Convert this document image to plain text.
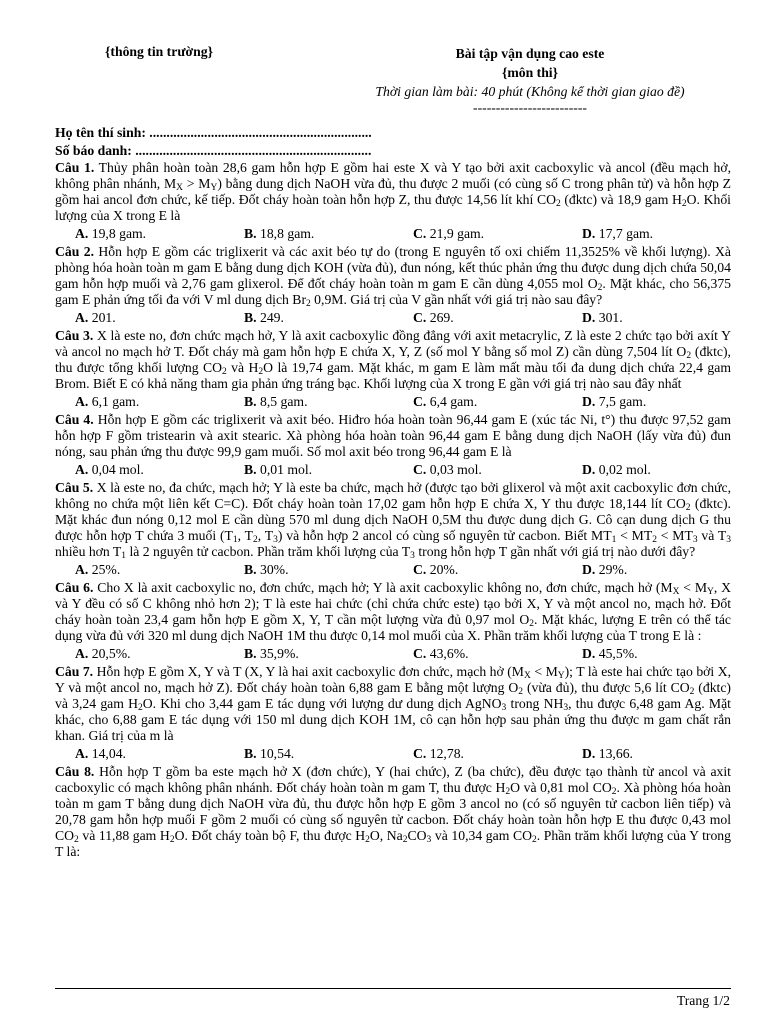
{thông tin trường}	Bài tập vận dụng cao este
{môn thi}
Thời gian làm bài: 40 phút (Không kể thời gian giao đề)
-------------------------
Họ tên thí sinh: .................................................................
Số báo danh: .....................................................................

Câu 1. Thủy phân hoàn toàn 28,6 gam hỗn hợp E gồm hai este X và Y tạo bởi axit cacboxylic và ancol (đều mạch hở, không phân nhánh, $M_X > M_Y$) bằng dung dịch NaOH vừa đủ, thu được 2 muối (có cùng số C trong phân tử) và hỗn hợp Z gồm hai ancol đơn chức, kế tiếp. Đốt cháy hoàn toàn hỗn hợp Z, thu được 14,56 lít khí $CO_2$ (đktc) và 18,9 gam $H_2O$. Khối lượng của X trong E là

A. 19,8 gam.	B. 18,8 gam.	C. 21,9 gam.	D. 17,7 gam.

Câu 2. Hỗn hợp E gồm các triglixerit và các axit béo tự do (trong E nguyên tố oxi chiếm 11,3525% về khối lượng). Xà phòng hóa hoàn toàn m gam E bằng dung dịch KOH (vừa đủ), đun nóng, kết thúc phản ứng thu được dung dịch chứa 50,04 gam hỗn hợp muối và 2,76 gam glixerol. Để đốt cháy hoàn toàn m gam E cần dùng 4,055 mol $O_2$. Mặt khác, cho 56,375 gam E phản ứng tối đa với V ml dung dịch $Br_2$ 0,9M. Giá trị của V gần nhất với giá trị nào sau đây?

A. 201.	B. 249.	C. 269.	D. 301.

Câu 3. X là este no, đơn chức mạch hở, Y là axit cacboxylic đồng đẳng với axit metacrylic, Z là este 2 chức tạo bởi axít Y và ancol no mạch hở T. Đốt cháy mà gam hỗn hợp E chứa X, Y, Z (số mol Y bằng số mol Z) cần dùng 7,504 lít $O_2$ (đktc), thu được tổng khối lượng $CO_2$ và $H_2O$ là 19,74 gam. Mặt khác, m gam E làm mất màu tối đa dung dịch chứa 22,4 gam Brom. Biết E có khả năng tham gia phản ứng tráng bạc. Khối lượng của X trong E gần với giá trị nào sau đây nhất

A. 6,1 gam.	B. 8,5 gam.	C. 6,4 gam.	D. 7,5 gam.

Câu 4. Hỗn hợp E gồm các triglixerit và axit béo. Hiđro hóa hoàn toàn 96,44 gam E (xúc tác Ni, t°) thu được 97,52 gam hỗn hợp F gồm tristearin và axit stearic. Xà phòng hóa hoàn toàn 96,44 gam E bằng dung dịch NaOH (lấy vừa đủ) đun nóng, sau phản ứng thu được 99,9 gam muối. Số mol axit béo trong 96,44 gam E là

A. 0,04 mol.	B. 0,01 mol.	C. 0,03 mol.	D. 0,02 mol.

Câu 5. X là este no, đa chức, mạch hở; Y là este ba chức, mạch hở (được tạo bởi glixerol và một axit cacboxylic đơn chức, không no chứa một liên kết C=C). Đốt cháy hoàn toàn 17,02 gam hỗn hợp E chứa X, Y thu được 18,144 lít $CO_2$ (đktc). Mặt khác đun nóng 0,12 mol E cần dùng 570 ml dung dịch NaOH 0,5M thu được dung dịch G. Cô cạn dung dịch G thu được hỗn hợp T chứa 3 muối ($T_1$, $T_2$, $T_3$) và hỗn hợp 2 ancol có cùng số nguyên tử cacbon. Biết $MT_1 < MT_2 < MT_3$ và $T_3$ nhiều hơn $T_1$ là 2 nguyên tử cacbon. Phần trăm khối lượng của $T_3$ trong hỗn hợp T gần nhất với giá trị nào dưới đây?

A. 25%.	B. 30%.	C. 20%.	D. 29%.

Câu 6. Cho X là axit cacboxylic no, đơn chức, mạch hở; Y là axit cacboxylic không no, đơn chức, mạch hở ($M_X < M_Y$, X và Y đều có số C không nhỏ hơn 2); T là este hai chức (chỉ chứa chức este) tạo bởi X, Y và một ancol no, mạch hở. Đốt cháy hoàn toàn 23,4 gam hỗn hợp E gồm X, Y, T cần một lượng vừa đủ 0,97 mol $O_2$. Mặt khác, lượng E trên có thể tác dụng vừa đủ với 320 ml dung dịch NaOH 1M thu được 0,14 mol muối của X. Phần trăm khối lượng của T trong E là :

A. 20,5%.	B. 35,9%.	C. 43,6%.	D. 45,5%.

Câu 7. Hỗn hợp E gồm X, Y và T (X, Y là hai axit cacboxylic đơn chức, mạch hở $(M_X < M_Y)$; T là este hai chức tạo bởi X, Y và một ancol no, mạch hở Z). Đốt cháy hoàn toàn 6,88 gam E bằng một lượng $O_2$ (vừa đủ), thu được 5,6 lít $CO_2$ (đktc) và 3,24 gam $H_2O$. Khi cho 3,44 gam E tác dụng với lượng dư dung dịch AgNO$_3$ trong $NH_3$, thu được 6,48 gam Ag. Mặt khác, cho 6,88 gam E tác dụng với 150 ml dung dịch KOH 1M, cô cạn hỗn hợp sau phản ứng thu được m gam chất rắn khan. Giá trị của m là

A. 14,04.	B. 10,54.	C. 12,78.	D. 13,66.

Câu 8. Hỗn hợp T gồm ba este mạch hở X (đơn chức), Y (hai chức), Z (ba chức), đều được tạo thành từ ancol và axit cacboxylic có mạch không phân nhánh. Đốt cháy hoàn toàn m gam T, thu được $H_2O$ và 0,81 mol $CO_2$. Xà phòng hóa hoàn toàn m gam T bằng dung dịch NaOH vừa đủ, thu được hỗn hợp E gồm 3 ancol no (có số nguyên tử cacbon liên tiếp) và 20,78 gam hỗn hợp muối F gồm 2 muối có cùng số nguyên tử cacbon. Đốt cháy hoàn toàn hỗn hợp E thu được 0,43 mol $CO_2$ và 11,88 gam $H_2O$. Đốt cháy toàn bộ F, thu được $H_2O$, $Na_2CO_3$ và 10,34 gam $CO_2$. Phần trăm khối lượng của Y trong T là:

Trang 1/2
